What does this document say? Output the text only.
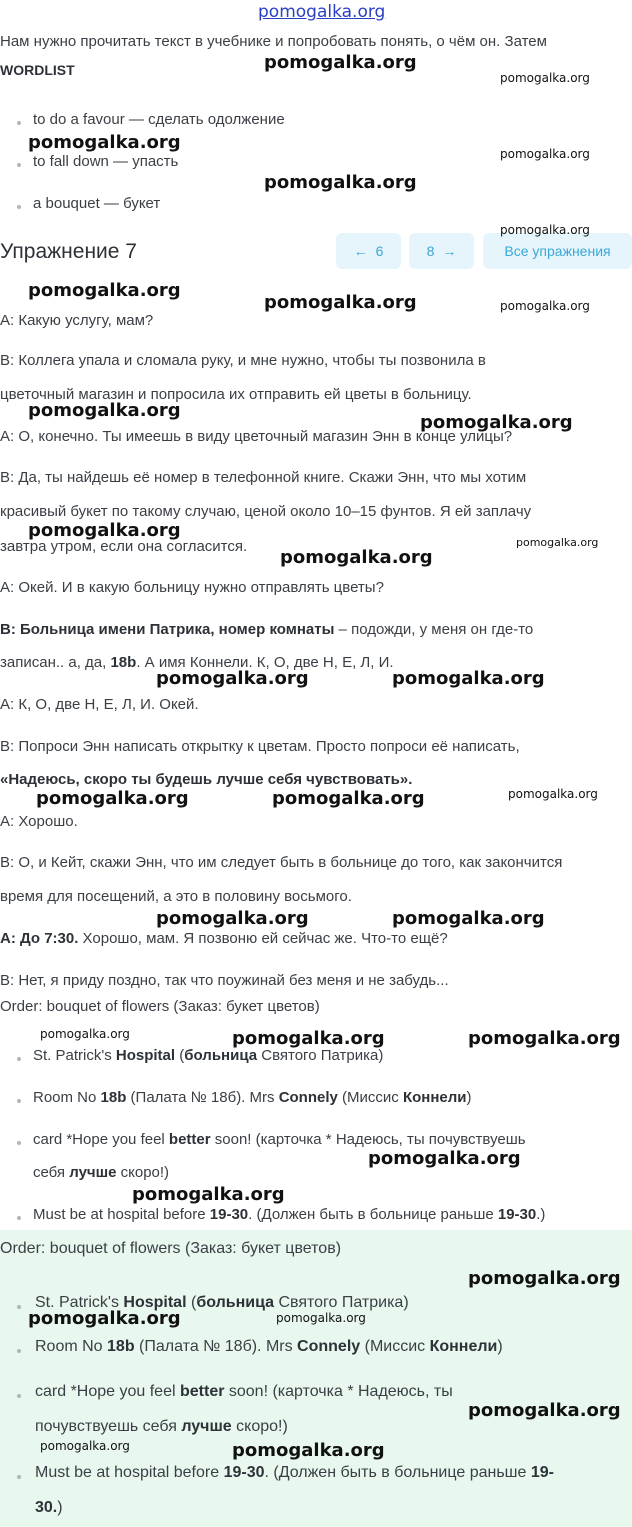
pomogalka.org
Нам нужно прочитать текст в учебнике и попробовать понять, о чём он. Затем
WORDLIST
to do a favour — сделать одолжение
to fall down — упасть
a bouquet — букет
Упражнение 7	← 6	8 →	Все упражнения
A: Какую услугу, мам?
B: Коллега упала и сломала руку, и мне нужно, чтобы ты позвонила в
цветочный магазин и попросила их отправить ей цветы в больницу.
A: О, конечно. Ты имеешь в виду цветочный магазин Энн в конце улицы?
B: Да, ты найдешь её номер в телефонной книге. Скажи Энн, что мы хотим
красивый букет по такому случаю, ценой около 10–15 фунтов. Я ей заплачу
завтра утром, если она согласится.
A: Окей. И в какую больницу нужно отправлять цветы?
B: Больница имени Патрика, номер комнаты – подожди, у меня он где-то
записан.. а, да, 18b. А имя Коннели. К, О, две Н, Е, Л, И.
A: К, О, две Н, Е, Л, И. Окей.
B: Попроси Энн написать открытку к цветам. Просто попроси её написать,
«Надеюсь, скоро ты будешь лучше себя чувствовать».
A: Хорошо.
B: О, и Кейт, скажи Энн, что им следует быть в больнице до того, как закончится
время для посещений, а это в половину восьмого.
A: До 7:30. Хорошо, мам. Я позвоню ей сейчас же. Что-то ещё?
B: Нет, я приду поздно, так что поужинай без меня и не забудь...
Order: bouquet of flowers (Заказ: букет цветов)
St. Patrick's Hospital (больница Святого Патрика)
Room No 18b (Палата № 18б). Mrs Connely (Миссис Коннели)
card *Hope you feel better soon! (карточка * Надеюсь, ты почувствуешь
себя лучше скоро!)
Must be at hospital before 19-30. (Должен быть в больнице раньше 19-30.)
Order: bouquet of flowers (Заказ: букет цветов)
St. Patrick's Hospital (больница Святого Патрика)
Room No 18b (Палата № 18б). Mrs Connely (Миссис Коннели)
card *Hope you feel better soon! (карточка * Надеюсь, ты
почувствуешь себя лучше скоро!)
Must be at hospital before 19-30. (Должен быть в больнице раньше 19-
30.)
pomogalka.org
pomogalka.org
pomogalka.org
pomogalka.org
pomogalka.org
pomogalka.org
pomogalka.org
pomogalka.org	pomogalka.org
pomogalka.org
pomogalka.org
pomogalka.org
pomogalka.org
pomogalka.org
pomogalka.org	pomogalka.org
pomogalka.org	pomogalka.org	pomogalka.org
pomogalka.org	pomogalka.org
pomogalka.org	pomogalka.org	pomogalka.org
pomogalka.org
pomogalka.org
pomogalka.org
pomogalka.org	pomogalka.org
pomogalka.org
pomogalka.org	pomogalka.org
